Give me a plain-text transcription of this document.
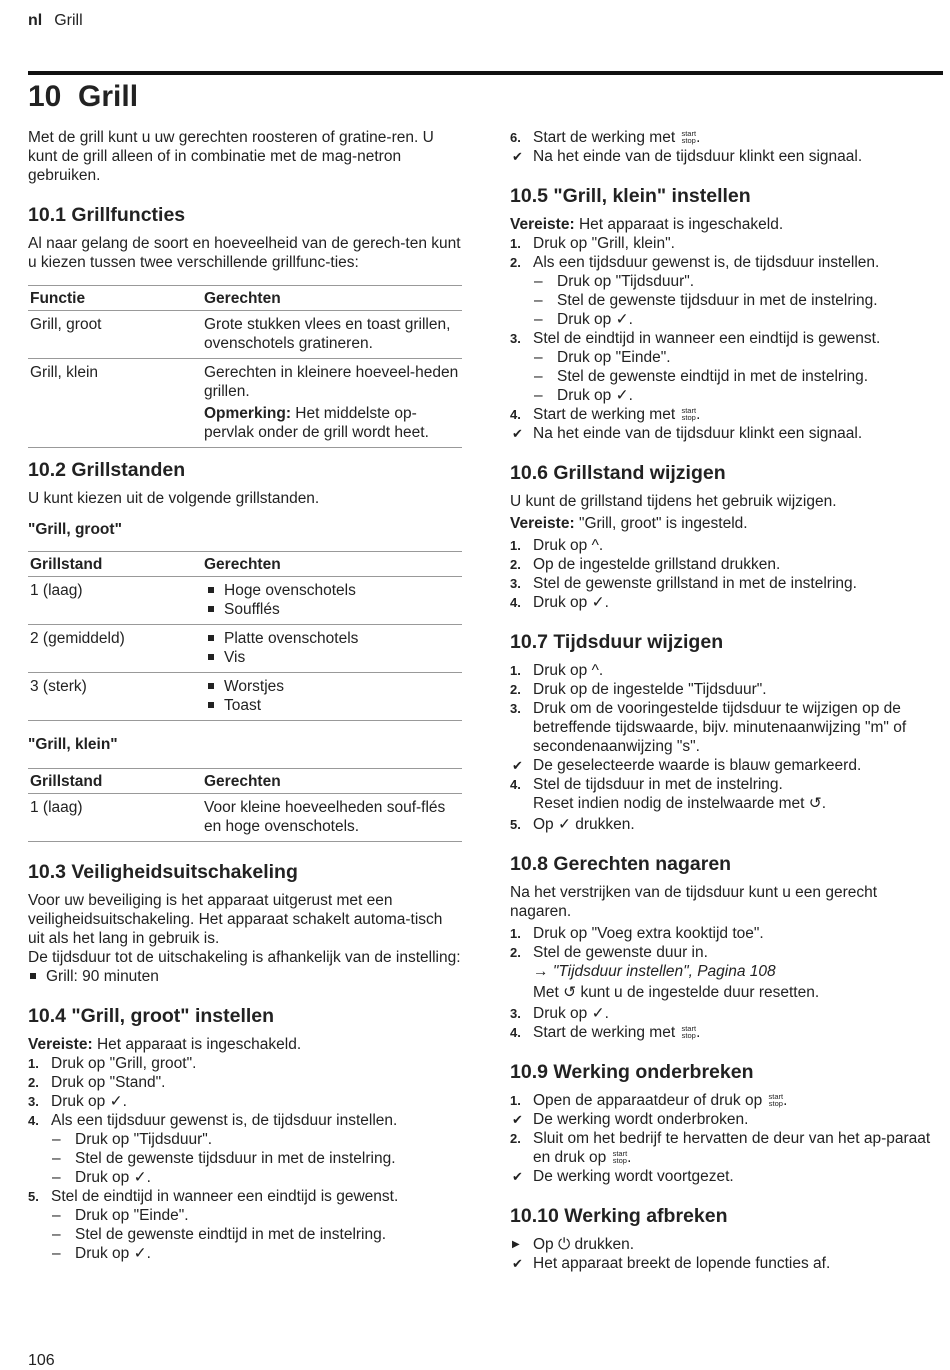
nl Grill
10 Grill

Met de grill kunt u uw gerechten roosteren of gratine-ren. U kunt de grill alleen of in combinatie met de mag-netron gebruiken.

10.1 Grillfuncties

Al naar gelang de soort en hoeveelheid van de gerech-ten kunt u kiezen tussen twee verschillende grillfunc-ties:

Functie	Gerechten
Grill, groot	Grote stukken vlees en toast grillen, ovenschotels gratineren.
Grill, klein	Gerechten in kleinere hoeveel-heden grillen.
Opmerking: Het middelste op-pervlak onder de grill wordt heet.
10.2 Grillstanden

U kunt kiezen uit de volgende grillstanden.

"Grill, groot"
Grillstand	Gerechten
1 (laag)	Hoge ovenschotels
Soufflés

2 (gemiddeld)	Platte ovenschotels
Vis

3 (sterk)	Worstjes
Toast
"Grill, klein"
Grillstand	Gerechten
1 (laag)	Voor kleine hoeveelheden souf-flés en hoge ovenschotels.
10.3 Veiligheidsuitschakeling

Voor uw beveiliging is het apparaat uitgerust met een veiligheidsuitschakeling. Het apparaat schakelt automa-tisch uit als het lang in gebruik is.

De tijdsduur tot de uitschakeling is afhankelijk van de instelling:

Grill: 90 minuten
10.4 "Grill, groot" instellen

Vereiste: Het apparaat is ingeschakeld.

1. Druk op "Grill, groot".
2. Druk op "Stand".
3. Druk op ✓.
4. Als een tijdsduur gewenst is, de tijdsduur instellen.
– Druk op "Tijdsduur".
– Stel de gewenste tijdsduur in met de instelring.
– Druk op ✓.
5. Stel de eindtijd in wanneer een eindtijd is gewenst.
– Druk op "Einde".
– Stel de gewenste eindtijd in met de instelring.
– Druk op ✓.
6. Start de werking met start
stop.
✔ Na het einde van de tijdsduur klinkt een signaal.
10.5 "Grill, klein" instellen

Vereiste: Het apparaat is ingeschakeld.

1. Druk op "Grill, klein".
2. Als een tijdsduur gewenst is, de tijdsduur instellen.
– Druk op "Tijdsduur".
– Stel de gewenste tijdsduur in met de instelring.
– Druk op ✓.
3. Stel de eindtijd in wanneer een eindtijd is gewenst.
– Druk op "Einde".
– Stel de gewenste eindtijd in met de instelring.
– Druk op ✓.
4. Start de werking met start
stop.
✔ Na het einde van de tijdsduur klinkt een signaal.
10.6 Grillstand wijzigen

U kunt de grillstand tijdens het gebruik wijzigen.

Vereiste: "Grill, groot" is ingesteld.

1. Druk op ^.
2. Op de ingestelde grillstand drukken.
3. Stel de gewenste grillstand in met de instelring.
4. Druk op ✓.
10.7 Tijdsduur wijzigen
1. Druk op ^.
2. Druk op de ingestelde "Tijdsduur".
3. Druk om de vooringestelde tijdsduur te wijzigen op de betreffende tijdswaarde, bijv. minutenaanwijzing "m" of secondenaanwijzing "s".
✔ De geselecteerde waarde is blauw gemarkeerd.
4. Stel de tijdsduur in met de instelring.
Reset indien nodig de instelwaarde met ↺.
5. Op ✓ drukken.
10.8 Gerechten nagaren

Na het verstrijken van de tijdsduur kunt u een gerecht nagaren.

1. Druk op "Voeg extra kooktijd toe".
2. Stel de gewenste duur in.
→ "Tijdsduur instellen", Pagina 108
Met ↺ kunt u de ingestelde duur resetten.
3. Druk op ✓.
4. Start de werking met start
stop.
10.9 Werking onderbreken
1. Open de apparaatdeur of druk op start
stop.
✔ De werking wordt onderbroken.
2. Sluit om het bedrijf te hervatten de deur van het ap-paraat en druk op start
stop.
✔ De werking wordt voortgezet.
10.10 Werking afbreken
▶ Op ⏻ drukken.
✔ Het apparaat breekt de lopende functies af.
106
